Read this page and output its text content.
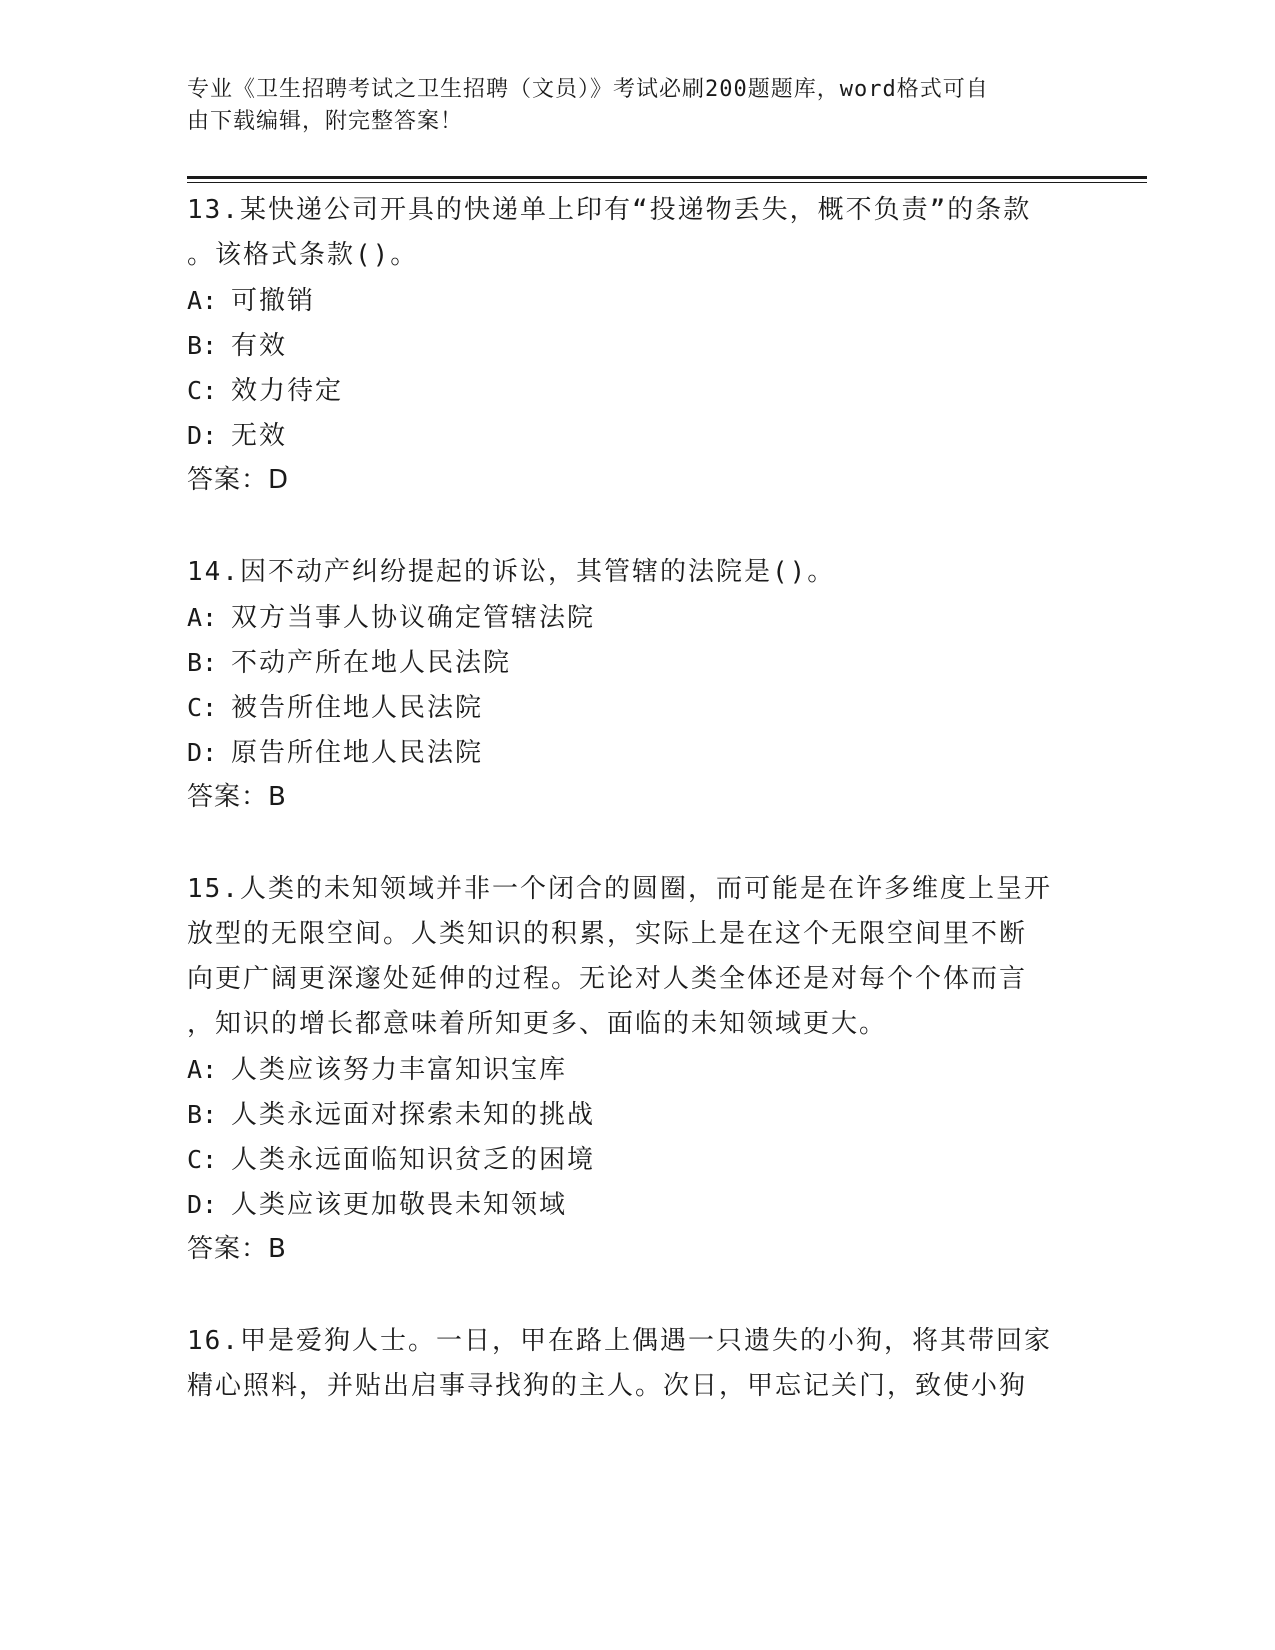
专业《卫生招聘考试之卫生招聘（文员）》考试必刷200题题库，word格式可自
由下载编辑，附完整答案！
13.某快递公司开具的快递单上印有“投递物丢失，概不负责”的条款
。该格式条款()。
A: 可撤销
B: 有效
C: 效力待定
D: 无效
答案：D
14.因不动产纠纷提起的诉讼，其管辖的法院是()。
A: 双方当事人协议确定管辖法院
B: 不动产所在地人民法院
C: 被告所住地人民法院
D: 原告所住地人民法院
答案：B
15.人类的未知领域并非一个闭合的圆圈，而可能是在许多维度上呈开
放型的无限空间。人类知识的积累，实际上是在这个无限空间里不断
向更广阔更深邃处延伸的过程。无论对人类全体还是对每个个体而言
，知识的增长都意味着所知更多、面临的未知领域更大。
A: 人类应该努力丰富知识宝库
B: 人类永远面对探索未知的挑战
C: 人类永远面临知识贫乏的困境
D: 人类应该更加敬畏未知领域
答案：B
16.甲是爱狗人士。一日，甲在路上偶遇一只遗失的小狗，将其带回家
精心照料，并贴出启事寻找狗的主人。次日，甲忘记关门，致使小狗
